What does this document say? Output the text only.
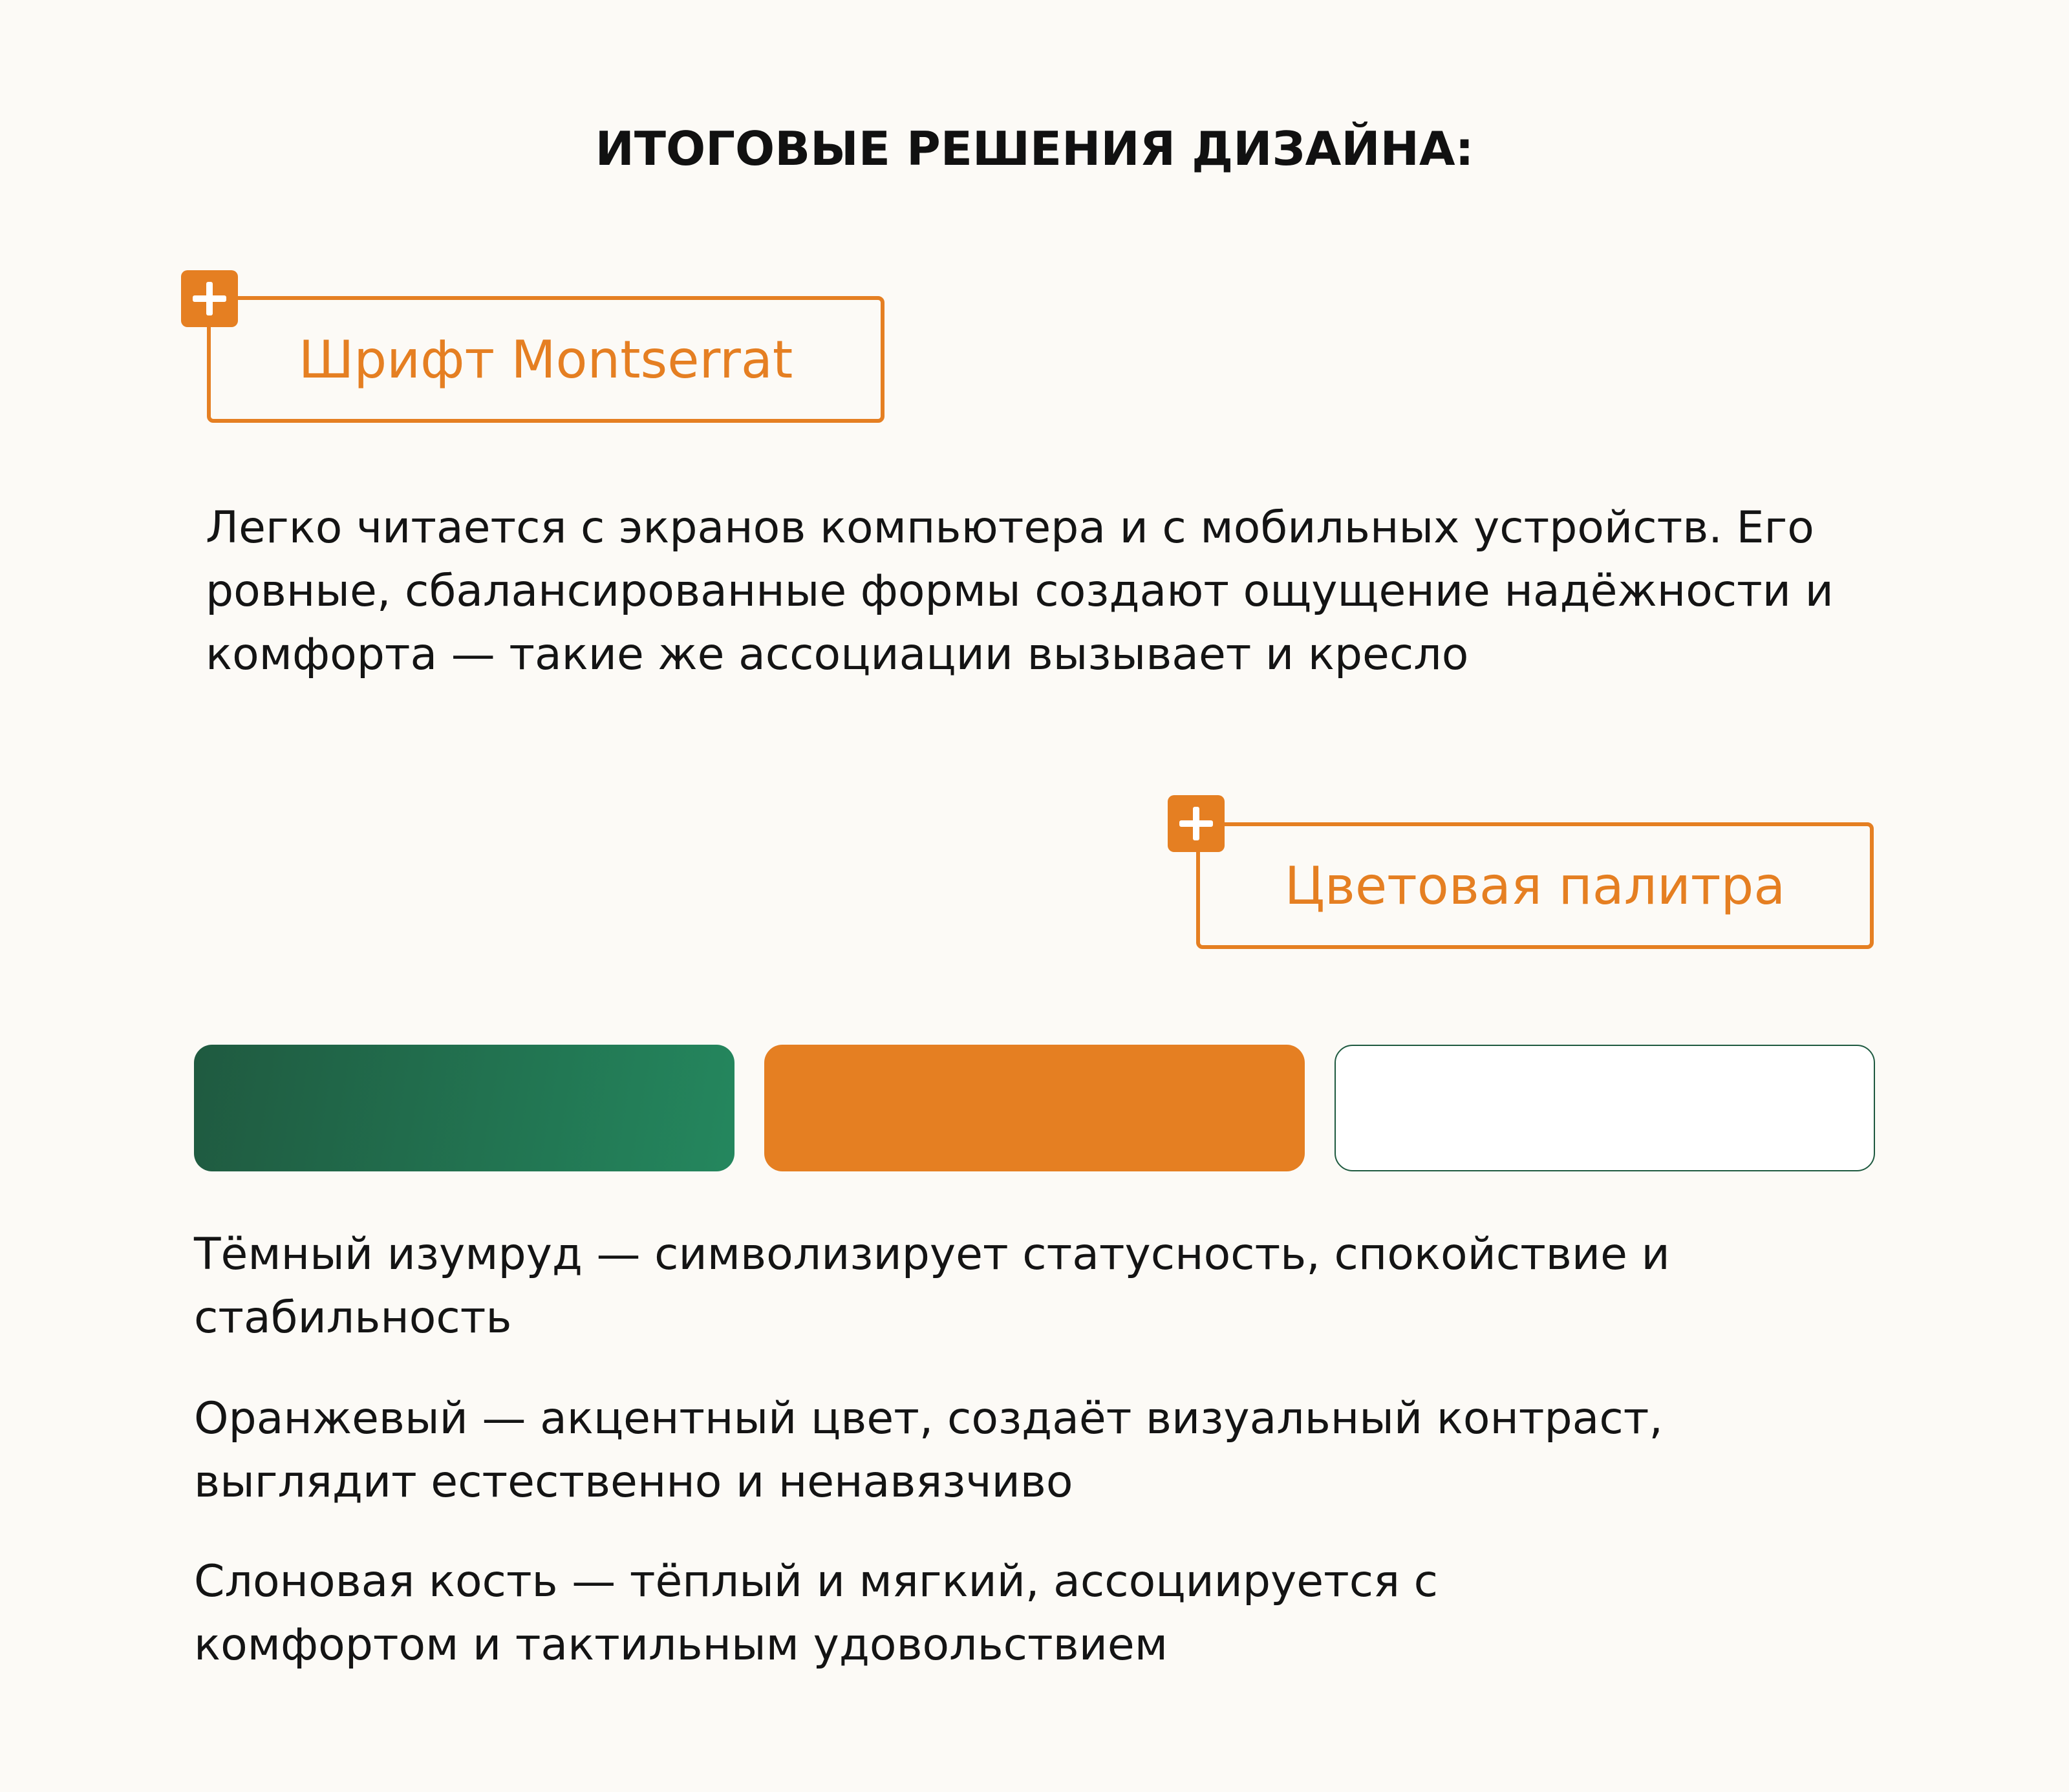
ИТОГОВЫЕ РЕШЕНИЯ ДИЗАЙНА:
Шрифт Montserrat

Легко читается с экранов компьютера и с мобильных устройств. Его ровные, сбалансированные формы создают ощущение надёжности и комфорта — такие же ассоциации вызывает и кресло

Цветовая палитра

Тёмный изумруд — символизирует статусность, спокойствие и стабильность

Оранжевый — акцентный цвет, создаёт визуальный контраст, выглядит естественно и ненавязчиво

Слоновая кость — тёплый и мягкий, ассоциируется с комфортом и тактильным удовольствием
